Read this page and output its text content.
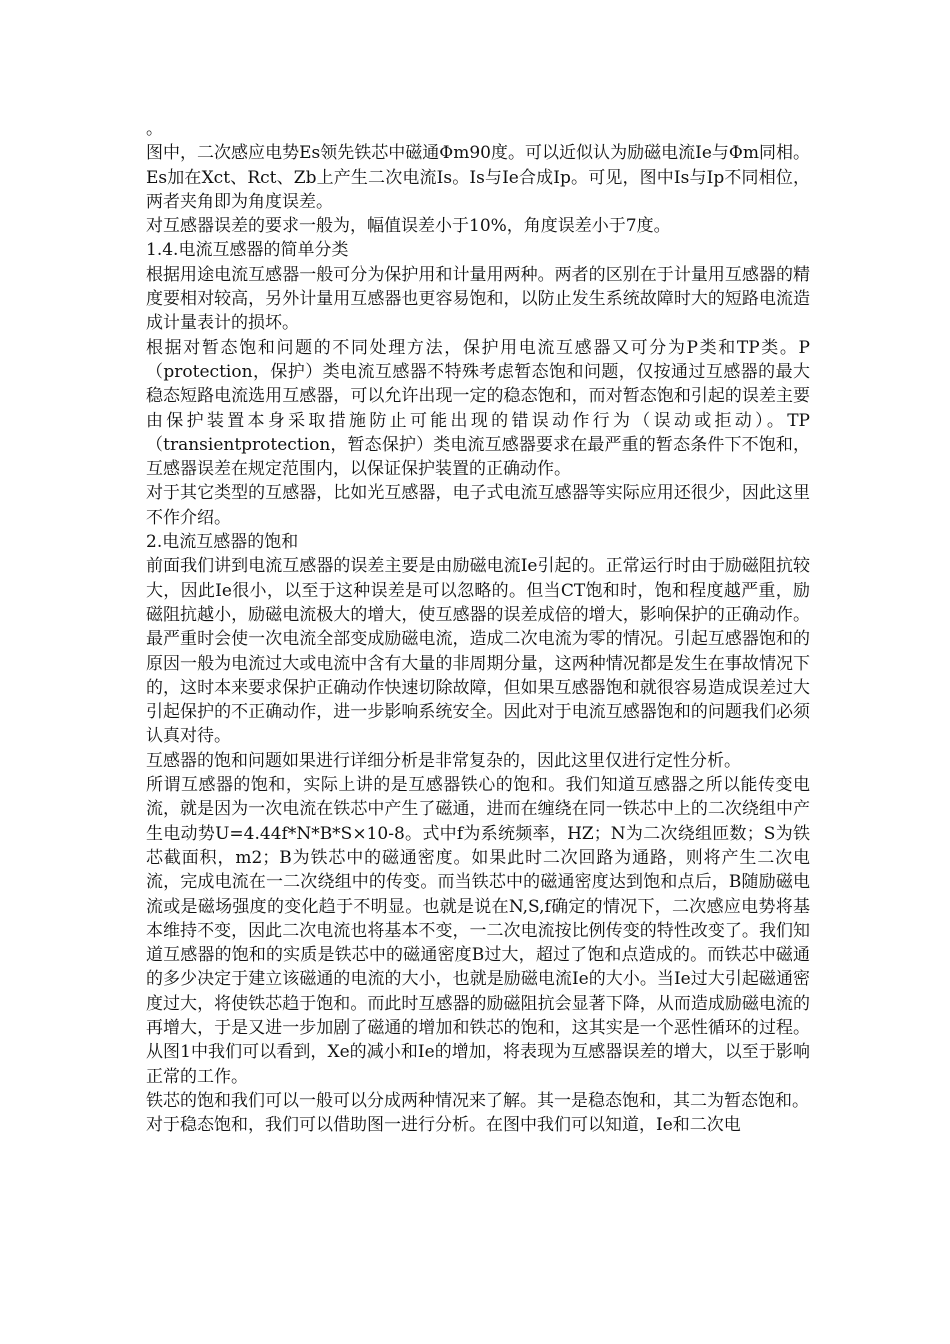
。

图中，二次感应电势Es领先铁芯中磁通Φm90度。可以近似认为励磁电流Ie与Φm同相。Es加在Xct、Rct、Zb上产生二次电流Is。Is与Ie合成Ip。可见，图中Is与Ip不同相位，两者夹角即为角度误差。

对互感器误差的要求一般为，幅值误差小于10%，角度误差小于7度。

1.4.电流互感器的简单分类

根据用途电流互感器一般可分为保护用和计量用两种。两者的区别在于计量用互感器的精度要相对较高，另外计量用互感器也更容易饱和，以防止发生系统故障时大的短路电流造成计量表计的损坏。

根据对暂态饱和问题的不同处理方法，保护用电流互感器又可分为P类和TP类。P（protection，保护）类电流互感器不特殊考虑暂态饱和问题，仅按通过互感器的最大稳态短路电流选用互感器，可以允许出现一定的稳态饱和，而对暂态饱和引起的误差主要由保护装置本身采取措施防止可能出现的错误动作行为（误动或拒动）。TP（transientprotection，暂态保护）类电流互感器要求在最严重的暂态条件下不饱和，互感器误差在规定范围内，以保证保护装置的正确动作。

对于其它类型的互感器，比如光互感器，电子式电流互感器等实际应用还很少，因此这里不作介绍。

2.电流互感器的饱和

前面我们讲到电流互感器的误差主要是由励磁电流Ie引起的。正常运行时由于励磁阻抗较大，因此Ie很小，以至于这种误差是可以忽略的。但当CT饱和时，饱和程度越严重，励磁阻抗越小，励磁电流极大的增大，使互感器的误差成倍的增大，影响保护的正确动作。最严重时会使一次电流全部变成励磁电流，造成二次电流为零的情况。引起互感器饱和的原因一般为电流过大或电流中含有大量的非周期分量，这两种情况都是发生在事故情况下的，这时本来要求保护正确动作快速切除故障，但如果互感器饱和就很容易造成误差过大引起保护的不正确动作，进一步影响系统安全。因此对于电流互感器饱和的问题我们必须认真对待。

互感器的饱和问题如果进行详细分析是非常复杂的，因此这里仅进行定性分析。

所谓互感器的饱和，实际上讲的是互感器铁心的饱和。我们知道互感器之所以能传变电流，就是因为一次电流在铁芯中产生了磁通，进而在缠绕在同一铁芯中上的二次绕组中产生电动势U=4.44f*N*B*S×10-8。式中f为系统频率，HZ；N为二次绕组匝数；S为铁芯截面积，m2；B为铁芯中的磁通密度。如果此时二次回路为通路，则将产生二次电流，完成电流在一二次绕组中的传变。而当铁芯中的磁通密度达到饱和点后，B随励磁电流或是磁场强度的变化趋于不明显。也就是说在N,S,f确定的情况下，二次感应电势将基本维持不变，因此二次电流也将基本不变，一二次电流按比例传变的特性改变了。我们知道互感器的饱和的实质是铁芯中的磁通密度B过大，超过了饱和点造成的。而铁芯中磁通的多少决定于建立该磁通的电流的大小，也就是励磁电流Ie的大小。当Ie过大引起磁通密度过大，将使铁芯趋于饱和。而此时互感器的励磁阻抗会显著下降，从而造成励磁电流的再增大，于是又进一步加剧了磁通的增加和铁芯的饱和，这其实是一个恶性循环的过程。从图1中我们可以看到，Xe的减小和Ie的增加，将表现为互感器误差的增大，以至于影响正常的工作。

铁芯的饱和我们可以一般可以分成两种情况来了解。其一是稳态饱和，其二为暂态饱和。

对于稳态饱和，我们可以借助图一进行分析。在图中我们可以知道，Ie和二次电
